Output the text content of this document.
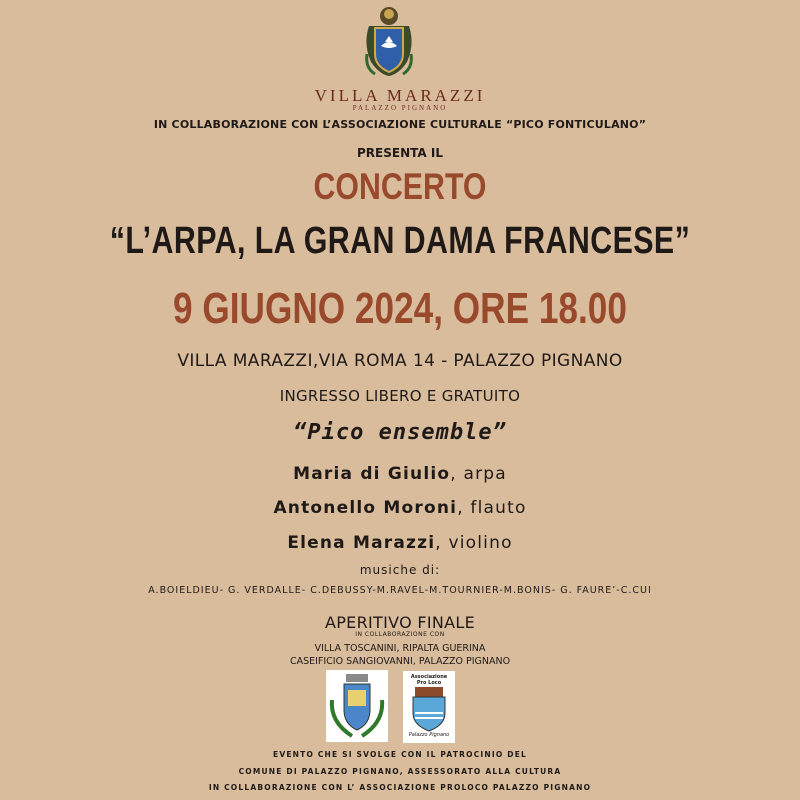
VILLA MARAZZI
PALAZZO PIGNANO
IN COLLABORAZIONE CON L’ASSOCIAZIONE CULTURALE “PICO FONTICULANO”
PRESENTA IL
CONCERTO
“L’ARPA, LA GRAN DAMA FRANCESE”
9 GIUGNO 2024, ORE 18.00
VILLA MARAZZI,VIA ROMA 14 - PALAZZO PIGNANO
INGRESSO LIBERO E GRATUITO
“Pico ensemble”
Maria di Giulio, arpa
Antonello Moroni, flauto
Elena Marazzi, violino
musiche di:
A.BOIELDIEU- G. VERDALLE- C.DEBUSSY-M.RAVEL-M.TOURNIER-M.BONIS- G. FAURE’-C.CUI
APERITIVO FINALE
IN COLLABORAZIONE CON
VILLA TOSCANINI, RIPALTA GUERINA
CASEIFICIO SANGIOVANNI, PALAZZO PIGNANO
Associazione
Pro Loco
Palazzo Pignano
EVENTO CHE SI SVOLGE CON IL PATROCINIO DEL
COMUNE DI PALAZZO PIGNANO, ASSESSORATO ALLA CULTURA
IN COLLABORAZIONE CON L’ ASSOCIAZIONE PROLOCO PALAZZO PIGNANO
